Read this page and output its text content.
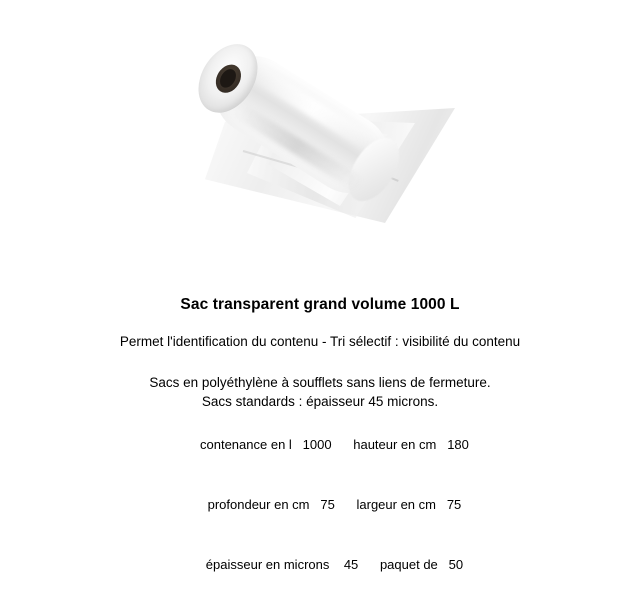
Sac transparent grand volume 1000 L

Permet l'identification du contenu - Tri sélectif : visibilité du contenu

Sacs en polyéthylène à soufflets sans liens de fermeture.

Sacs standards : épaisseur 45 microns.

contenance en l 1000 hauteur en cm 180

profondeur en cm 75 largeur en cm 75

épaisseur en microns 45 paquet de 50
